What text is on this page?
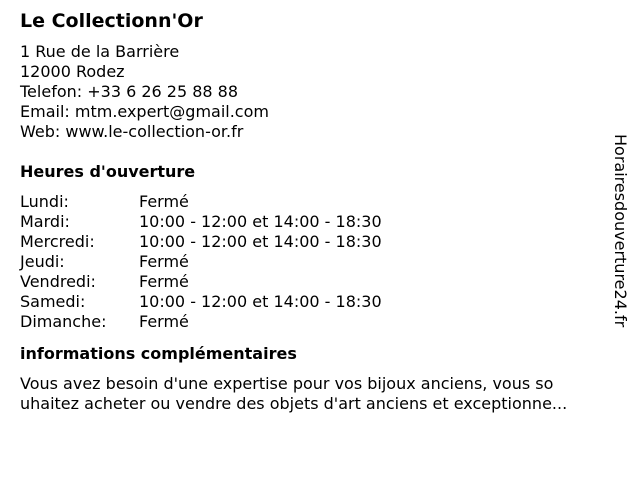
Le Collectionn'Or
1 Rue de la Barrière
12000 Rodez
Telefon: +33 6 26 25 88 88
Email: mtm.expert@gmail.com
Web: www.le-collection-or.fr
Heures d'ouverture
Lundi:	Fermé
Mardi:	10:00 - 12:00 et 14:00 - 18:30
Mercredi:	10:00 - 12:00 et 14:00 - 18:30
Jeudi:	Fermé
Vendredi:	Fermé
Samedi:	10:00 - 12:00 et 14:00 - 18:30
Dimanche:	Fermé
informations complémentaires
Vous avez besoin d'une expertise pour vos bijoux anciens, vous so
uhaitez acheter ou vendre des objets d'art anciens et exceptionne...
Horairesdouverture24.fr
